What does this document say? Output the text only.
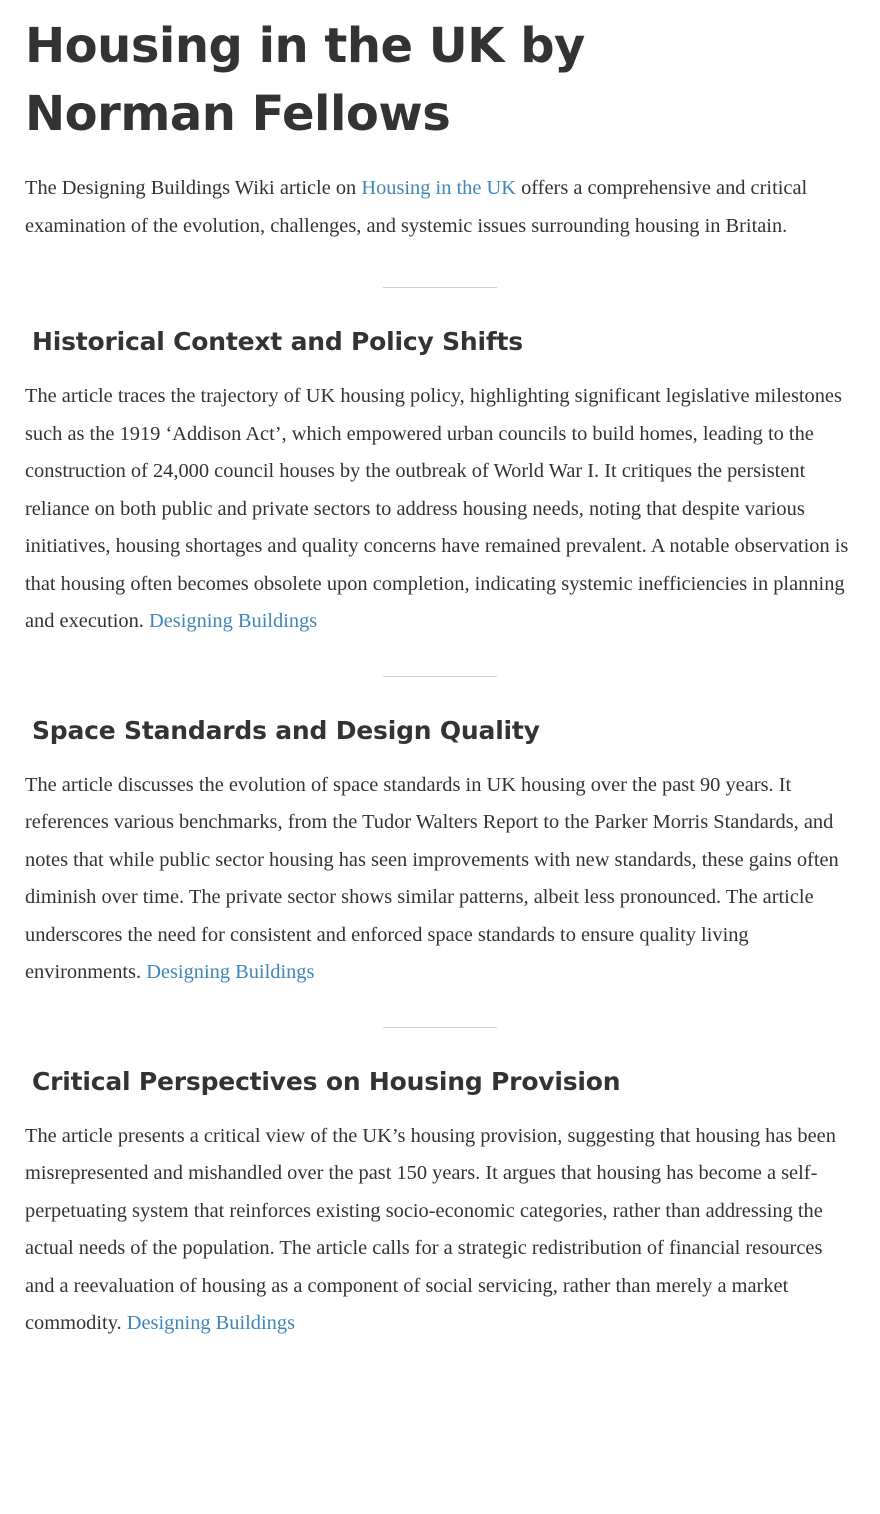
Housing in the UK by Norman Fellows

The Designing Buildings Wiki article on Housing in the UK offers a comprehensive and critical examination of the evolution, challenges, and systemic issues surrounding housing in Britain.

Historical Context and Policy Shifts

The article traces the trajectory of UK housing policy, highlighting significant legislative milestones such as the 1919 ‘Addison Act’, which empowered urban councils to build homes, leading to the construction of 24,000 council houses by the outbreak of World War I. It critiques the persistent reliance on both public and private sectors to address housing needs, noting that despite various initiatives, housing shortages and quality concerns have remained prevalent. A notable observation is that housing often becomes obsolete upon completion, indicating systemic inefficiencies in planning and execution. Designing Buildings

Space Standards and Design Quality

The article discusses the evolution of space standards in UK housing over the past 90 years. It references various benchmarks, from the Tudor Walters Report to the Parker Morris Standards, and notes that while public sector housing has seen improvements with new standards, these gains often diminish over time. The private sector shows similar patterns, albeit less pronounced. The article underscores the need for consistent and enforced space standards to ensure quality living environments. Designing Buildings

Critical Perspectives on Housing Provision

The article presents a critical view of the UK’s housing provision, suggesting that housing has been misrepresented and mishandled over the past 150 years. It argues that housing has become a self-perpetuating system that reinforces existing socio-economic categories, rather than addressing the actual needs of the population. The article calls for a strategic redistribution of financial resources and a reevaluation of housing as a component of social servicing, rather than merely a market commodity. Designing Buildings
